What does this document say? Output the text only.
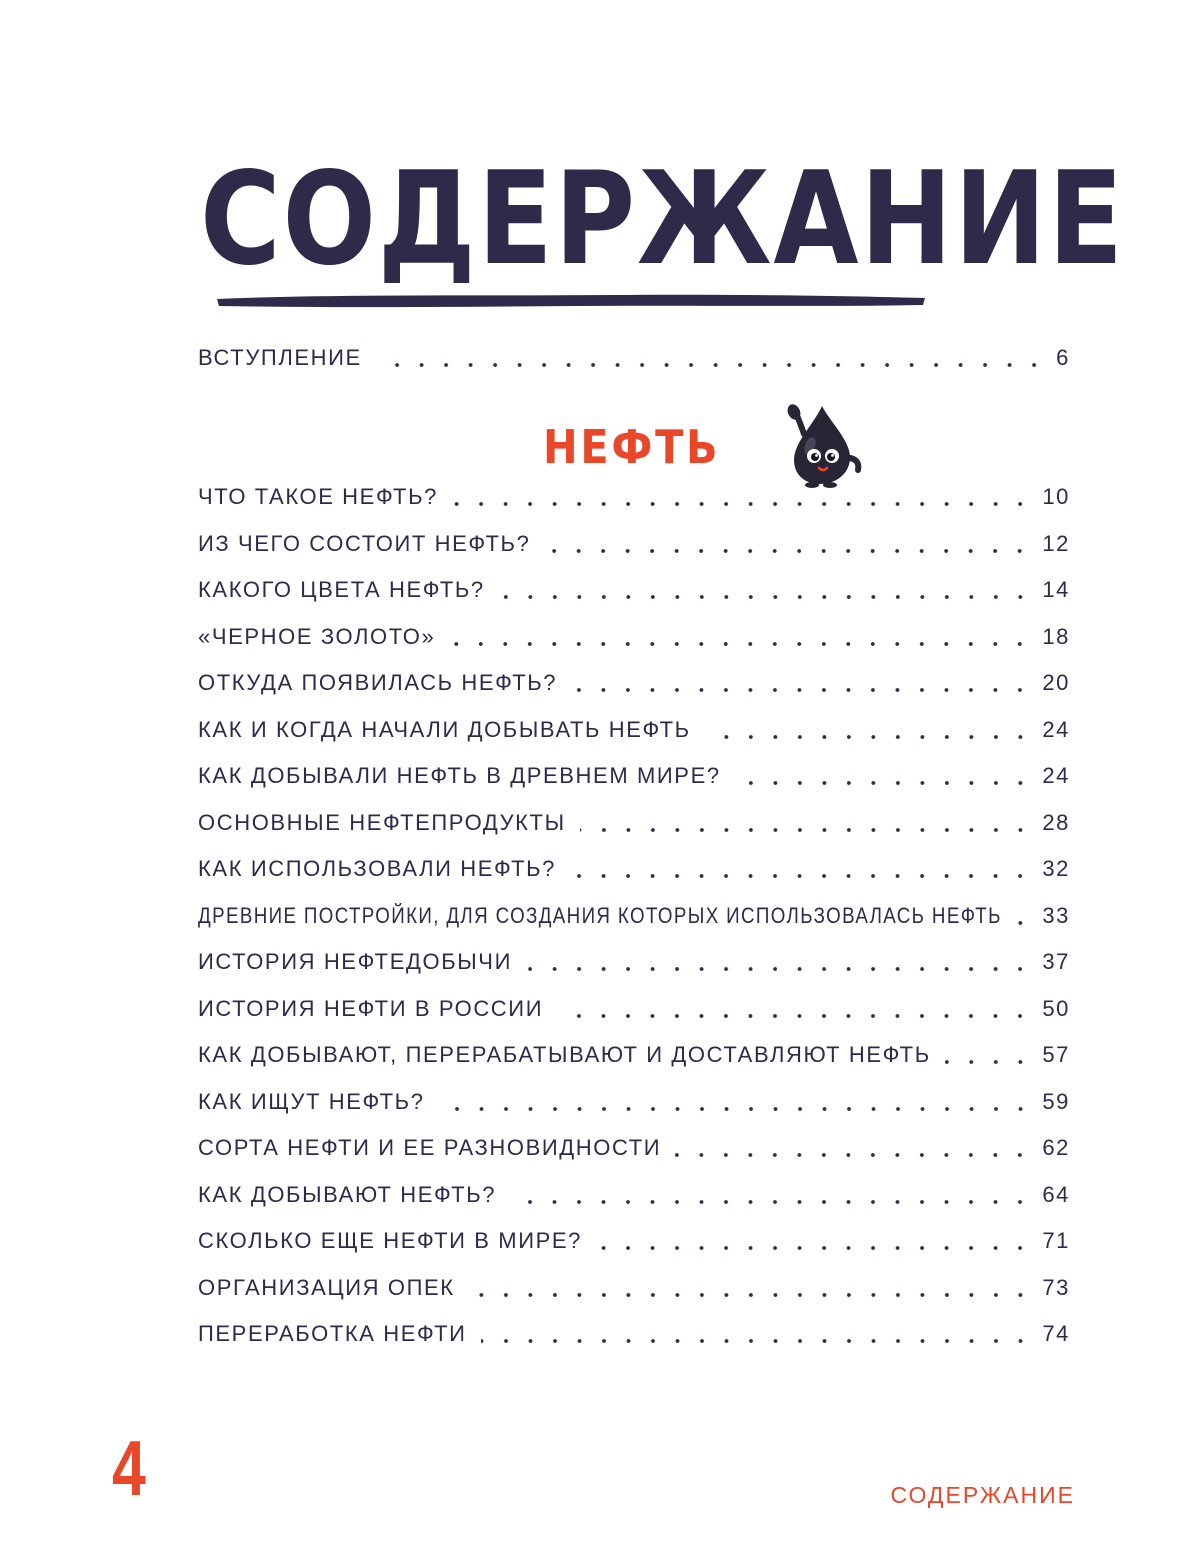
СОДЕРЖАНИЕ
ВСТУПЛЕНИЕ	6
НЕФТЬ
ЧТО ТАКОЕ НЕФТЬ?	10
ИЗ ЧЕГО СОСТОИТ НЕФТЬ?	12
КАКОГО ЦВЕТА НЕФТЬ?	14
«ЧЕРНОЕ ЗОЛОТО»	18
ОТКУДА ПОЯВИЛАСЬ НЕФТЬ?	20
КАК И КОГДА НАЧАЛИ ДОБЫВАТЬ НЕФТЬ	24
КАК ДОБЫВАЛИ НЕФТЬ В ДРЕВНЕМ МИРЕ?	24
ОСНОВНЫЕ НЕФТЕПРОДУКТЫ	28
КАК ИСПОЛЬЗОВАЛИ НЕФТЬ?	32
ДРЕВНИЕ ПОСТРОЙКИ, ДЛЯ СОЗДАНИЯ КОТОРЫХ ИСПОЛЬЗОВАЛАСЬ НЕФТЬ 33
ИСТОРИЯ НЕФТЕДОБЫЧИ	37
ИСТОРИЯ НЕФТИ В РОССИИ	50
КАК ДОБЫВАЮТ, ПЕРЕРАБАТЫВАЮТ И ДОСТАВЛЯЮТ НЕФТЬ	57
КАК ИЩУТ НЕФТЬ?	59
СОРТА НЕФТИ И ЕЕ РАЗНОВИДНОСТИ	62
КАК ДОБЫВАЮТ НЕФТЬ?	64
СКОЛЬКО ЕЩЕ НЕФТИ В МИРЕ?	71
ОРГАНИЗАЦИЯ ОПЕК	73
ПЕРЕРАБОТКА НЕФТИ	74
4	СОДЕРЖАНИЕ
